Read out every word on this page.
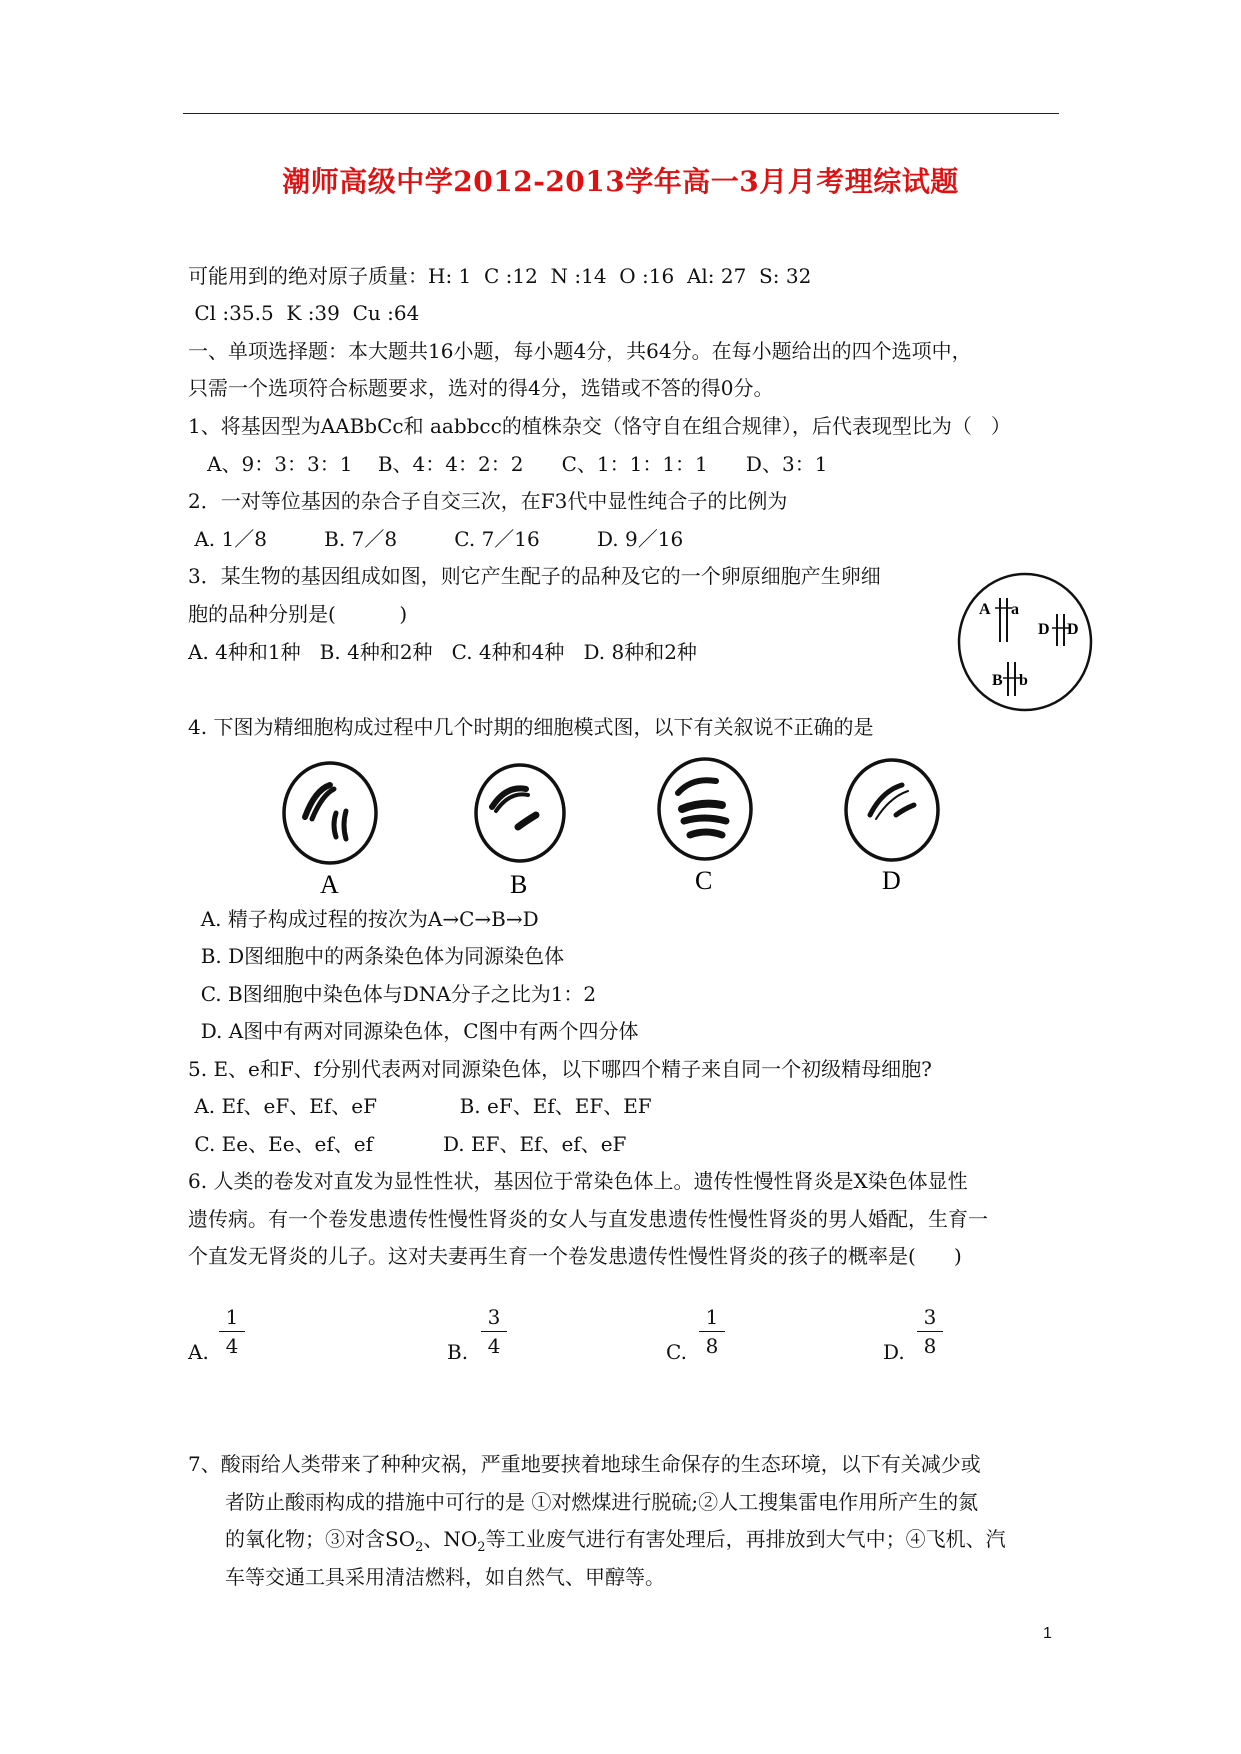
潮师高级中学2012-2013学年高一3月月考理综试题
可能用到的绝对原子质量：H: 1  C :12  N :14  O :16  Al: 27  S: 32
Cl :35.5  K :39  Cu :64
一、单项选择题：本大题共16小题，每小题4分，共64分。在每小题给出的四个选项中，
只需一个选项符合标题要求，选对的得4分，选错或不答的得0分。
1、将基因型为AABbCc和 aabbcc的植株杂交（恪守自在组合规律），后代表现型比为（   ）
A、9：3：3：1    B、4：4：2：2      C、1：1：1：1      D、3：1
2．一对等位基因的杂合子自交三次，在F3代中显性纯合子的比例为
A. 1／8         B. 7／8         C. 7／16         D. 9／16
3．某生物的基因组成如图，则它产生配子的品种及它的一个卵原细胞产生卵细
胞的品种分别是(          )
A. 4种和1种   B. 4种和2种   C. 4种和4种   D. 8种和2种
A a
D D
B b
4. 下图为精细胞构成过程中几个时期的细胞模式图，以下有关叙说不正确的是
A	B	C	D
A. 精子构成过程的按次为A→C→B→D
B. D图细胞中的两条染色体为同源染色体
C. B图细胞中染色体与DNA分子之比为1：2
D. A图中有两对同源染色体，C图中有两个四分体
5. E、e和F、f分别代表两对同源染色体，以下哪四个精子来自同一个初级精母细胞?
A. Ef、eF、Ef、eF             B. eF、Ef、EF、EF
C. Ee、Ee、ef、ef           D. EF、Ef、ef、eF
6. 人类的卷发对直发为显性性状，基因位于常染色体上。遗传性慢性肾炎是X染色体显性
遗传病。有一个卷发患遗传性慢性肾炎的女人与直发患遗传性慢性肾炎的男人婚配，生育一
个直发无肾炎的儿子。这对夫妻再生育一个卷发患遗传性慢性肾炎的孩子的概率是(      )
A.
1
4	B.
3
4	C.
1
8	D.
3
8
7、酸雨给人类带来了种种灾祸，严重地要挟着地球生命保存的生态环境，以下有关减少或
者防止酸雨构成的措施中可行的是 ①对燃煤进行脱硫;②人工搜集雷电作用所产生的氮
的氧化物；③对含$SO_2$、$NO_2$等工业废气进行有害处理后，再排放到大气中；④飞机、汽
车等交通工具采用清洁燃料，如自然气、甲醇等。
1
